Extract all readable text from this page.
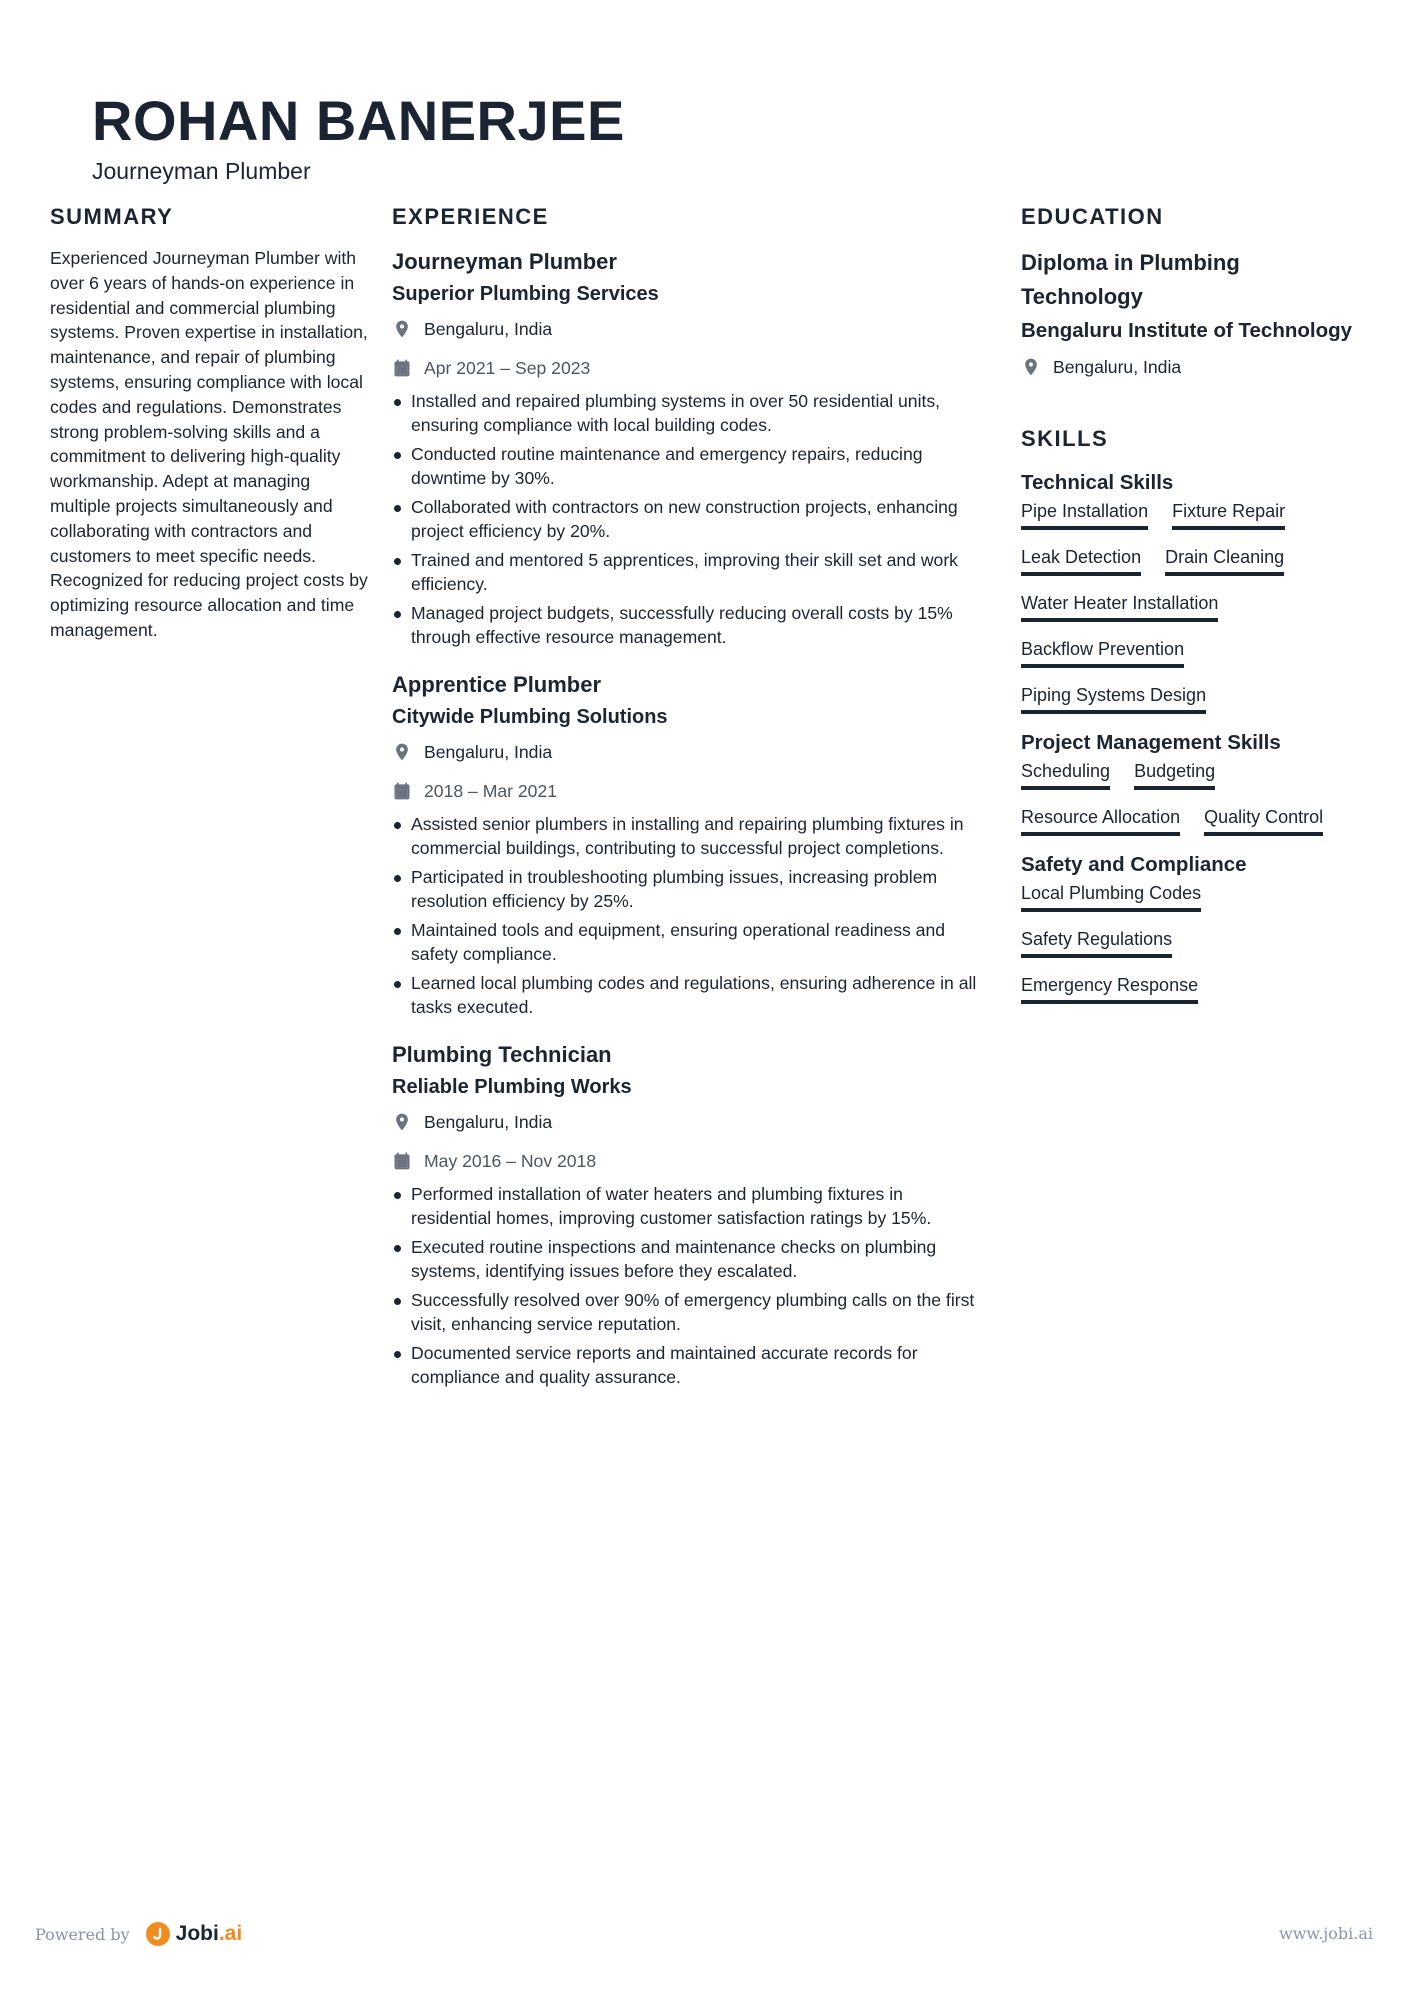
ROHAN BANERJEE
Journeyman Plumber
SUMMARY

Experienced Journeyman Plumber with over 6 years of hands-on experience in residential and commercial plumbing systems. Proven expertise in installation, maintenance, and repair of plumbing systems, ensuring compliance with local codes and regulations. Demonstrates strong problem-solving skills and a commitment to delivering high-quality workmanship. Adept at managing multiple projects simultaneously and collaborating with contractors and customers to meet specific needs. Recognized for reducing project costs by optimizing resource allocation and time management.

EXPERIENCE
Journeyman Plumber
Superior Plumbing Services
Bengaluru, India
Apr 2021 – Sep 2023
Installed and repaired plumbing systems in over 50 residential units, ensuring compliance with local building codes.
Conducted routine maintenance and emergency repairs, reducing downtime by 30%.
Collaborated with contractors on new construction projects, enhancing project efficiency by 20%.
Trained and mentored 5 apprentices, improving their skill set and work efficiency.
Managed project budgets, successfully reducing overall costs by 15% through effective resource management.
Apprentice Plumber
Citywide Plumbing Solutions
Bengaluru, India
2018 – Mar 2021
Assisted senior plumbers in installing and repairing plumbing fixtures in commercial buildings, contributing to successful project completions.
Participated in troubleshooting plumbing issues, increasing problem resolution efficiency by 25%.
Maintained tools and equipment, ensuring operational readiness and safety compliance.
Learned local plumbing codes and regulations, ensuring adherence in all tasks executed.
Plumbing Technician
Reliable Plumbing Works
Bengaluru, India
May 2016 – Nov 2018
Performed installation of water heaters and plumbing fixtures in residential homes, improving customer satisfaction ratings by 15%.
Executed routine inspections and maintenance checks on plumbing systems, identifying issues before they escalated.
Successfully resolved over 90% of emergency plumbing calls on the first visit, enhancing service reputation.
Documented service reports and maintained accurate records for compliance and quality assurance.
EDUCATION
Diploma in Plumbing Technology
Bengaluru Institute of Technology
Bengaluru, India
SKILLS
Technical Skills
Pipe Installation Fixture Repair
Leak Detection Drain Cleaning
Water Heater Installation
Backflow Prevention
Piping Systems Design
Project Management Skills
Scheduling Budgeting
Resource Allocation Quality Control
Safety and Compliance
Local Plumbing Codes
Safety Regulations
Emergency Response
Powered by Jobi.ai	www.jobi.ai
